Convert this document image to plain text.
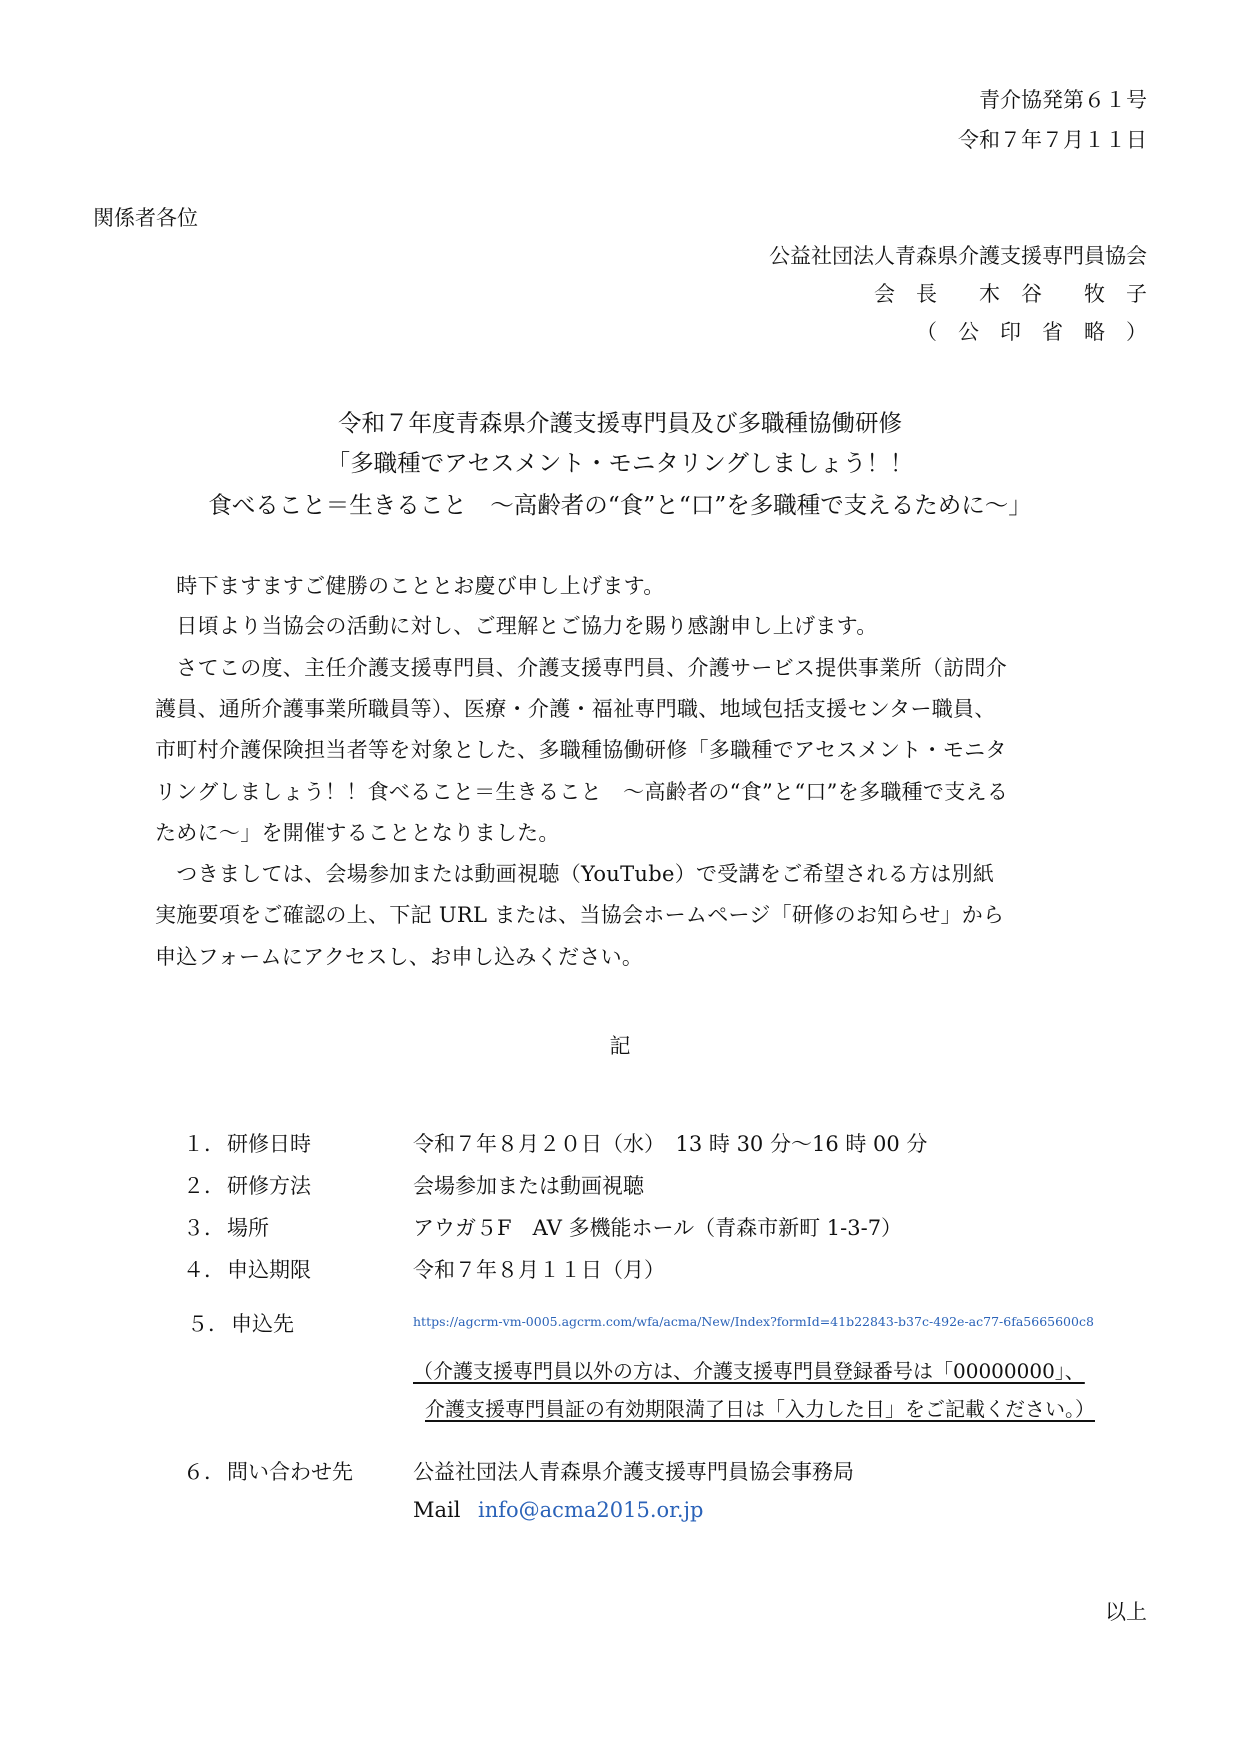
青介協発第６１号
令和７年７月１１日
関係者各位
公益社団法人青森県介護支援専門員協会
会　長　　木　谷　　牧　子
（　公　印　省　略　）
令和７年度青森県介護支援専門員及び多職種協働研修
「多職種でアセスメント・モニタリングしましょう！！
食べること＝生きること　～高齢者の“食”と“口”を多職種で支えるために～」
　時下ますますご健勝のこととお慶び申し上げます。
　日頃より当協会の活動に対し、ご理解とご協力を賜り感謝申し上げます。
　さてこの度、主任介護支援専門員、介護支援専門員、介護サービス提供事業所（訪問介
護員、通所介護事業所職員等）、医療・介護・福祉専門職、地域包括支援センター職員、
市町村介護保険担当者等を対象とした、多職種協働研修「多職種でアセスメント・モニタ
リングしましょう！！食べること＝生きること　～高齢者の“食”と“口”を多職種で支える
ために～」を開催することとなりました。
　つきましては、会場参加または動画視聴（YouTube）で受講をご希望される方は別紙
実施要項をご確認の上、下記 URL または、当協会ホームページ「研修のお知らせ」から
申込フォームにアクセスし、お申し込みください。
記
１． 研修日時	令和７年８月２０日（水）　13 時 30 分～16 時 00 分
２． 研修方法	会場参加または動画視聴
３． 場所	アウガ５F　AV 多機能ホール（青森市新町 1-3-7）
４． 申込期限	令和７年８月１１日（月）
５． 申込先	https://agcrm-vm-0005.agcrm.com/wfa/acma/New/Index?formId=41b22843-b37c-492e-ac77-6fa5665600c8
（介護支援専門員以外の方は、介護支援専門員登録番号は「00000000」、
介護支援専門員証の有効期限満了日は「入力した日」をご記載ください。）
６． 問い合わせ先	公益社団法人青森県介護支援専門員協会事務局
Mail info@acma2015.or.jp
以上
